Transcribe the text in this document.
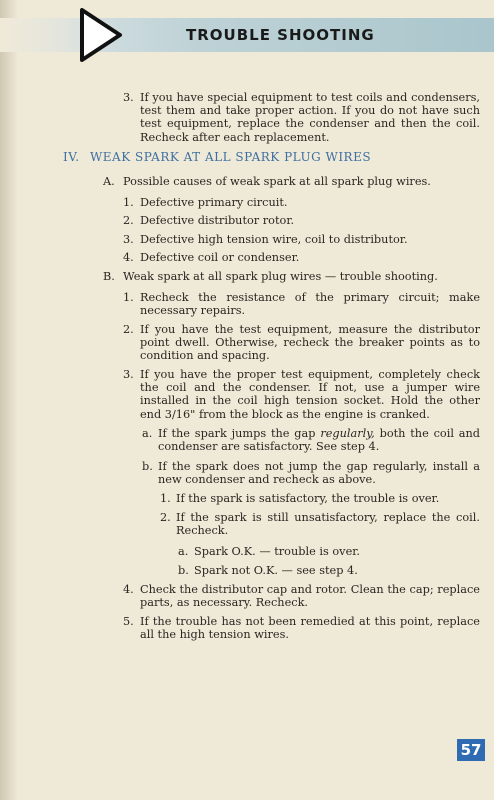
TROUBLE SHOOTING
3. If you have special equipment to test coils and condensers, test them and take proper action. If you do not have such test equipment, replace the condenser and then the coil. Recheck after each replacement.
IV. WEAK SPARK AT ALL SPARK PLUG WIRES
A. Possible causes of weak spark at all spark plug wires.
1. Defective primary circuit.
2. Defective distributor rotor.
3. Defective high tension wire, coil to distributor.
4. Defective coil or condenser.
B. Weak spark at all spark plug wires — trouble shooting.
1. Recheck the resistance of the primary circuit; make necessary repairs.
2. If you have the test equipment, measure the distributor point dwell. Otherwise, recheck the breaker points as to condition and spacing.
3. If you have the proper test equipment, completely check the coil and the condenser. If not, use a jumper wire installed in the coil high tension socket. Hold the other end 3/16" from the block as the engine is cranked.
a. If the spark jumps the gap regularly, both the coil and condenser are satisfactory. See step 4.
b. If the spark does not jump the gap regularly, install a new condenser and recheck as above.
1. If the spark is satisfactory, the trouble is over.
2. If the spark is still unsatisfactory, replace the coil. Recheck.
a. Spark O.K. — trouble is over.
b. Spark not O.K. — see step 4.
4. Check the distributor cap and rotor. Clean the cap; replace parts, as necessary. Recheck.
5. If the trouble has not been remedied at this point, replace all the high tension wires.
57
